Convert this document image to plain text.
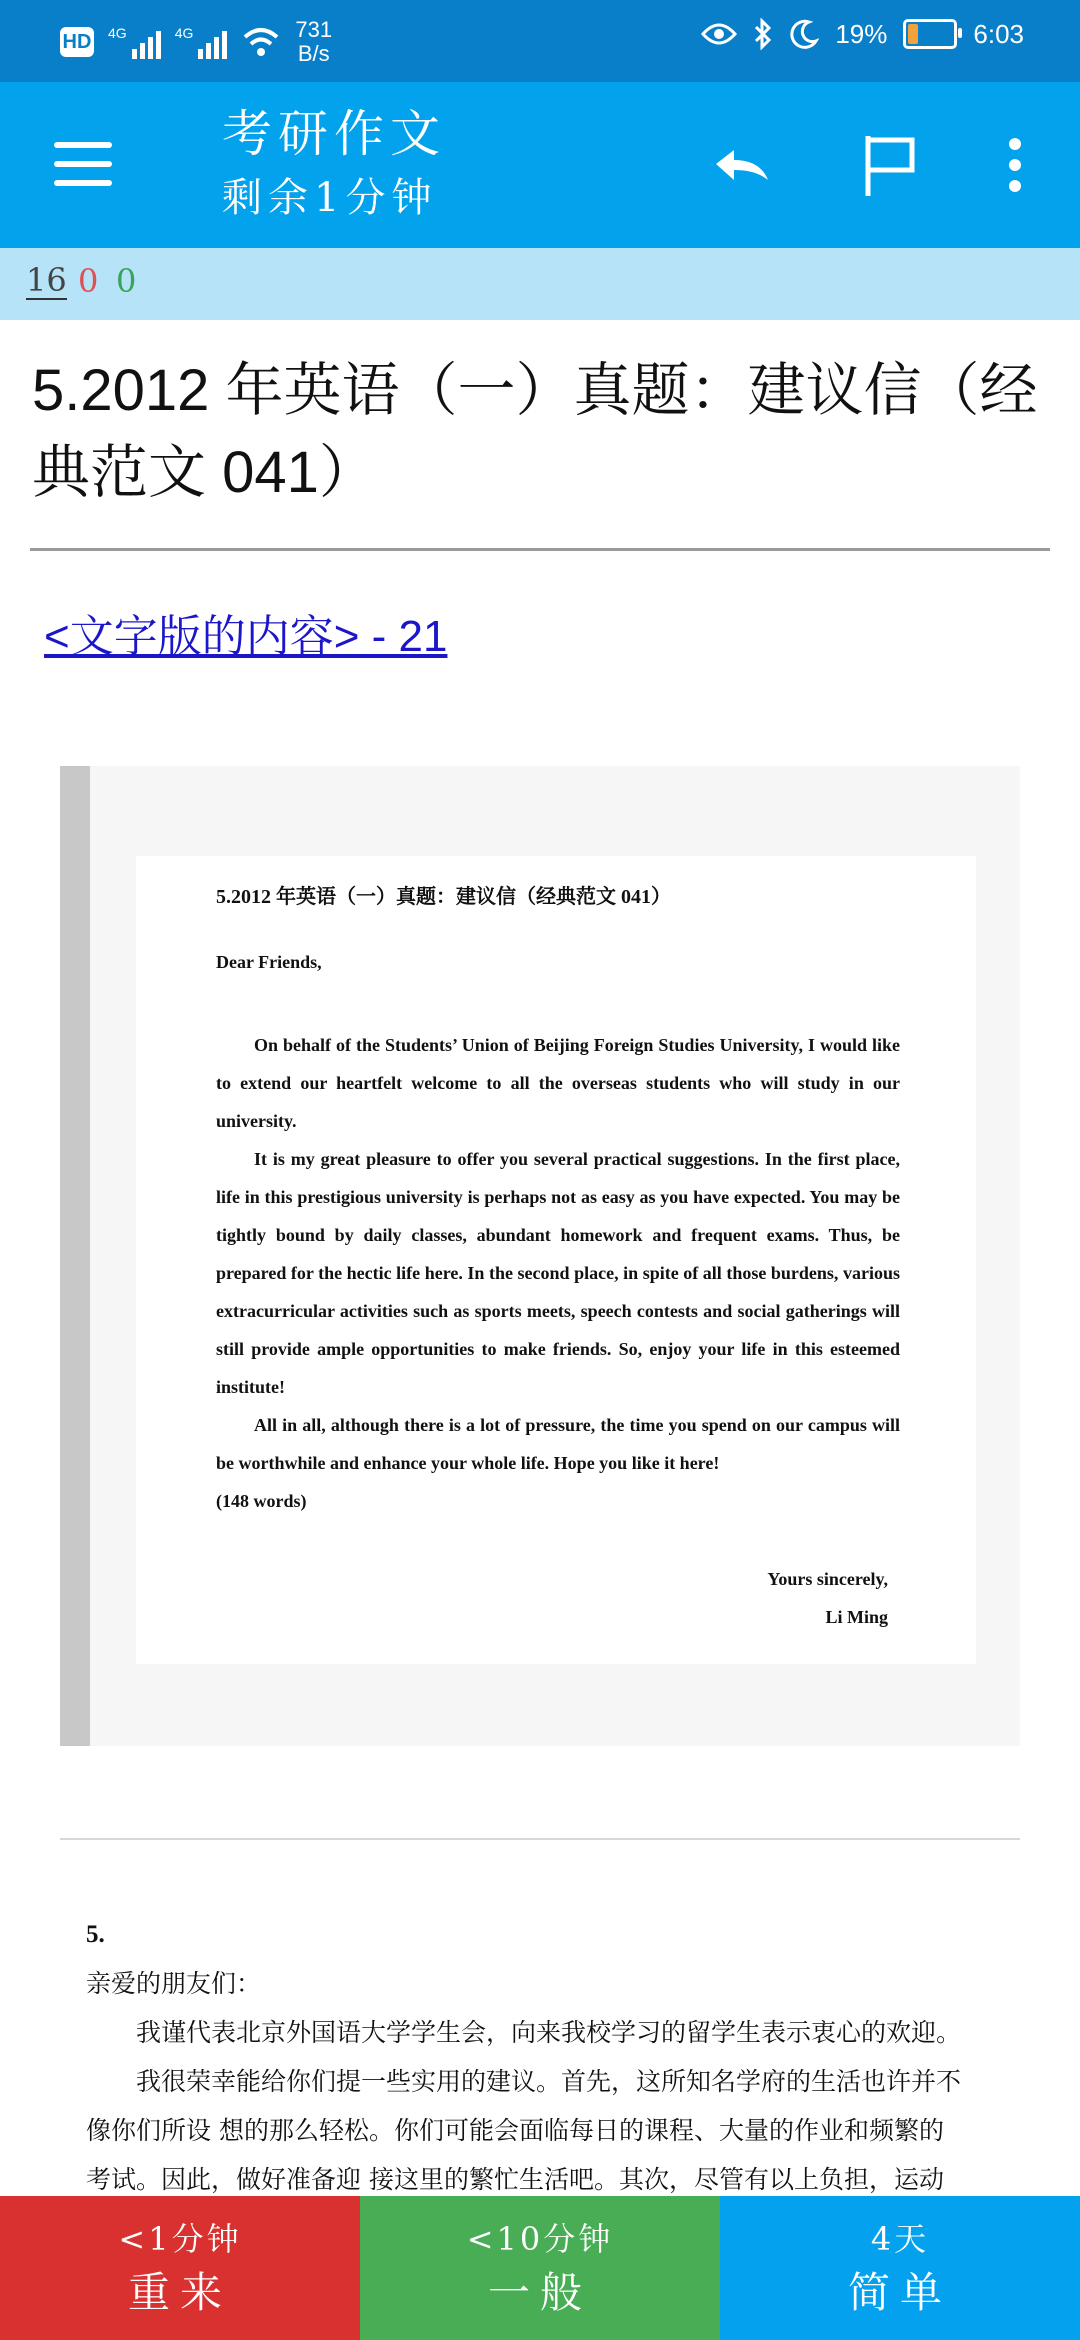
HD 4G	4G	731
B/s
19%	6:03
考研作文
剩余1分钟
16 0 0
5.2012 年英语（一）真题：建议信（经典范文 041）
<文字版的内容> - 21
5.2012 年英语（一）真题：建议信（经典范文 041）
Dear Friends,

On behalf of the Students’ Union of Beijing Foreign Studies University, I would like to extend our heartfelt welcome to all the overseas students who will study in our university.

It is my great pleasure to offer you several practical suggestions. In the first place, life in this prestigious university is perhaps not as easy as you have expected. You may be tightly bound by daily classes, abundant homework and frequent exams. Thus, be prepared for the hectic life here. In the second place, in spite of all those burdens, various extracurricular activities such as sports meets, speech contests and social gatherings will still provide ample opportunities to make friends. So, enjoy your life in this esteemed institute!

All in all, although there is a lot of pressure, the time you spend on our campus will be worthwhile and enhance your whole life. Hope you like it here!

(148 words)

Yours sincerely,
Li Ming

5.

亲爱的朋友们：

我谨代表北京外国语大学学生会，向来我校学习的留学生表示衷心的欢迎。

我很荣幸能给你们提一些实用的建议。首先，这所知名学府的生活也许并不像你们所设 想的那么轻松。你们可能会面临每日的课程、大量的作业和频繁的考试。因此，做好准备迎 接这里的繁忙生活吧。其次，尽管有以上负担，运动

<1分钟
重来
<10分钟
一般
4天
简单
